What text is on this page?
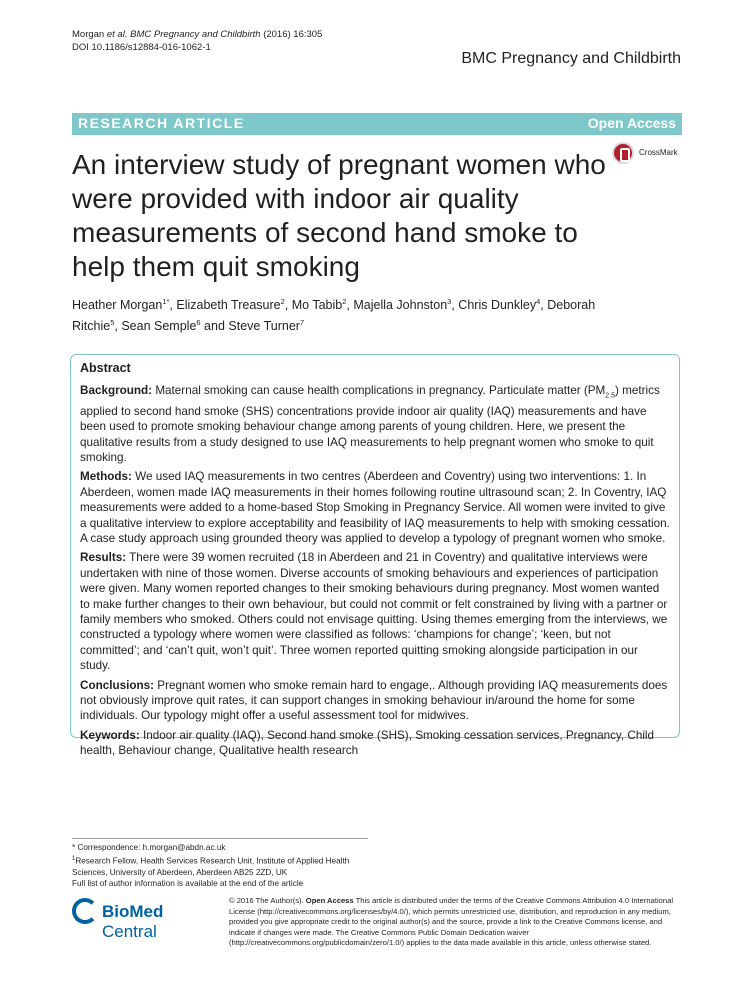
Morgan et al. BMC Pregnancy and Childbirth (2016) 16:305
DOI 10.1186/s12884-016-1062-1
BMC Pregnancy and Childbirth
RESEARCH ARTICLE	Open Access
An interview study of pregnant women who were provided with indoor air quality measurements of second hand smoke to help them quit smoking
CrossMark
Heather Morgan$^{1*}$, Elizabeth Treasure$^2$, Mo Tabib$^2$, Majella Johnston$^3$, Chris Dunkley$^4$, Deborah Ritchie$^5$, Sean Semple$^6$ and Steve Turner$^7$
Abstract
Background: Maternal smoking can cause health complications in pregnancy. Particulate matter $(PM_{2.5})$ metrics applied to second hand smoke (SHS) concentrations provide indoor air quality (IAQ) measurements and have been used to promote smoking behaviour change among parents of young children. Here, we present the qualitative results from a study designed to use IAQ measurements to help pregnant women who smoke to quit smoking.
Methods: We used IAQ measurements in two centres (Aberdeen and Coventry) using two interventions: 1. In Aberdeen, women made IAQ measurements in their homes following routine ultrasound scan; 2. In Coventry, IAQ measurements were added to a home-based Stop Smoking in Pregnancy Service. All women were invited to give a qualitative interview to explore acceptability and feasibility of IAQ measurements to help with smoking cessation. A case study approach using grounded theory was applied to develop a typology of pregnant women who smoke.
Results: There were 39 women recruited (18 in Aberdeen and 21 in Coventry) and qualitative interviews were undertaken with nine of those women. Diverse accounts of smoking behaviours and experiences of participation were given. Many women reported changes to their smoking behaviours during pregnancy. Most women wanted to make further changes to their own behaviour, but could not commit or felt constrained by living with a partner or family members who smoked. Others could not envisage quitting. Using themes emerging from the interviews, we constructed a typology where women were classified as follows: ‘champions for change’; ‘keen, but not committed’; and ‘can’t quit, won’t quit’. Three women reported quitting smoking alongside participation in our study.
Conclusions: Pregnant women who smoke remain hard to engage,. Although providing IAQ measurements does not obviously improve quit rates, it can support changes in smoking behaviour in/around the home for some individuals. Our typology might offer a useful assessment tool for midwives.
Keywords: Indoor air quality (IAQ), Second hand smoke (SHS), Smoking cessation services, Pregnancy, Child health, Behaviour change, Qualitative health research
* Correspondence: h.morgan@abdn.ac.uk
$^1$Research Fellow, Health Services Research Unit, Institute of Applied Health Sciences, University of Aberdeen, Aberdeen AB25 2ZD, UK
Full list of author information is available at the end of the article
BioMed Central
© 2016 The Author(s). Open Access This article is distributed under the terms of the Creative Commons Attribution 4.0 International License (http://creativecommons.org/licenses/by/4.0/), which permits unrestricted use, distribution, and reproduction in any medium, provided you give appropriate credit to the original author(s) and the source, provide a link to the Creative Commons license, and indicate if changes were made. The Creative Commons Public Domain Dedication waiver (http://creativecommons.org/publicdomain/zero/1.0/) applies to the data made available in this article, unless otherwise stated.
